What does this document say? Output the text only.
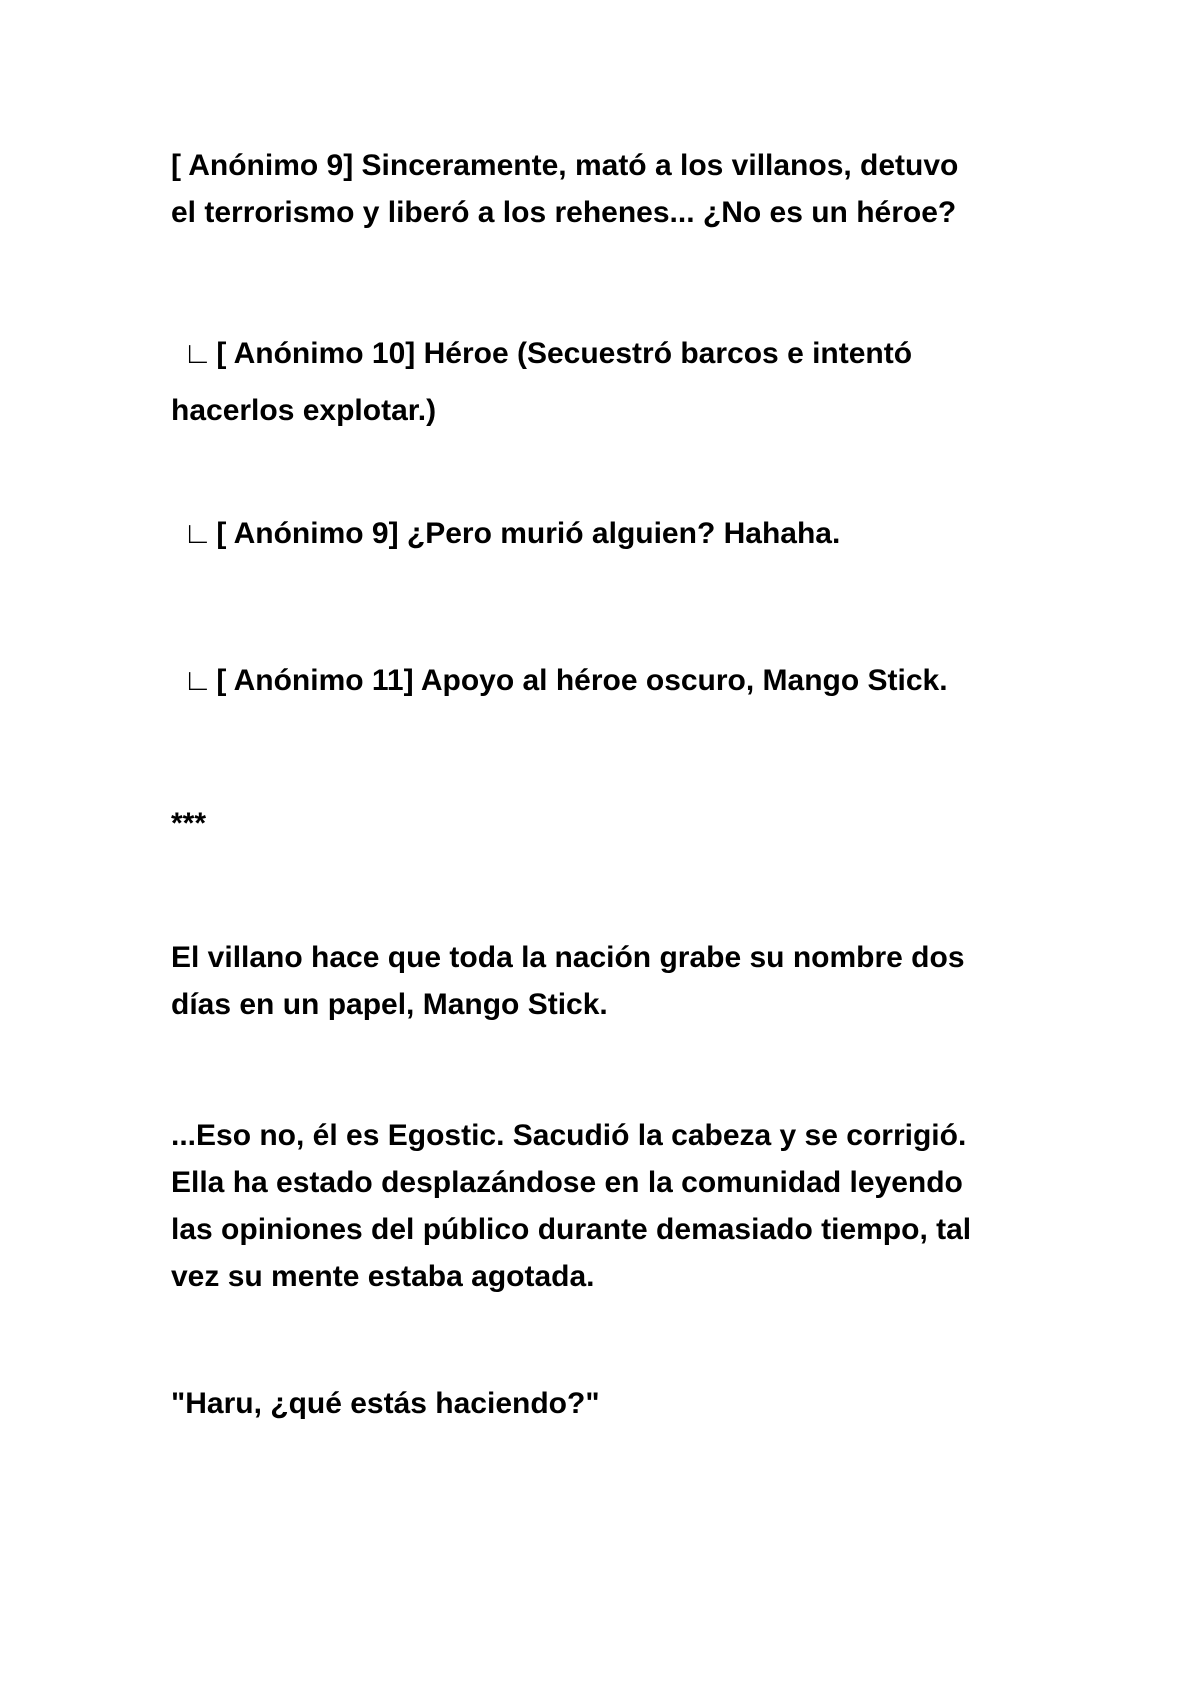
[ Anónimo 9] Sinceramente, mató a los villanos, detuvo
el terrorismo y liberó a los rehenes... ¿No es un héroe?

∟ [ Anónimo 10] Héroe (Secuestró barcos e intentó
hacerlos explotar.)

∟ [ Anónimo 9] ¿Pero murió alguien? Hahaha.

∟ [ Anónimo 11] Apoyo al héroe oscuro, Mango Stick.

***

El villano hace que toda la nación grabe su nombre dos
días en un papel, Mango Stick.

...Eso no, él es Egostic. Sacudió la cabeza y se corrigió.
Ella ha estado desplazándose en la comunidad leyendo
las opiniones del público durante demasiado tiempo, tal
vez su mente estaba agotada.

"Haru, ¿qué estás haciendo?"
